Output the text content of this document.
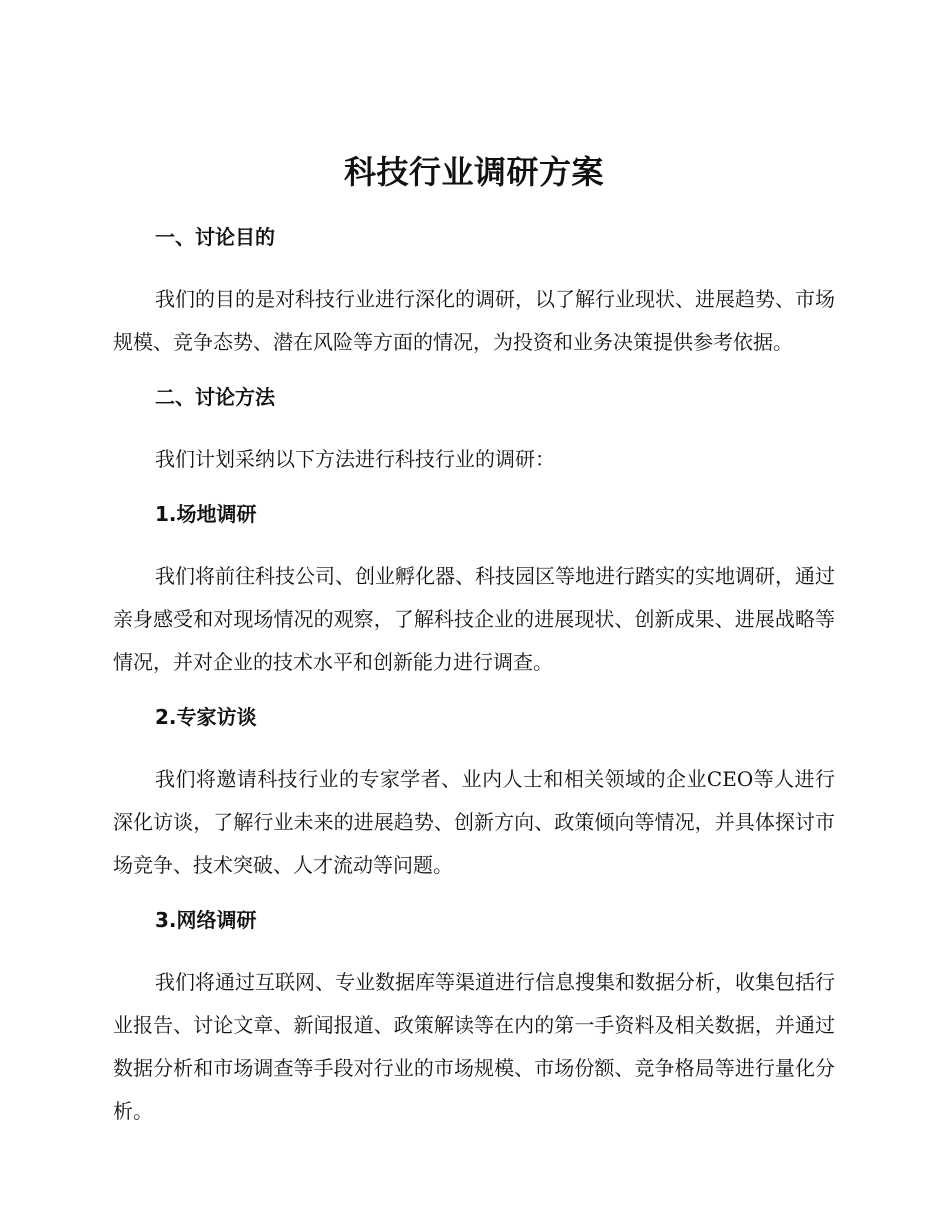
科技行业调研方案
一、讨论目的

我们的目的是对科技行业进行深化的调研，以了解行业现状、进展趋势、市场规模、竞争态势、潜在风险等方面的情况，为投资和业务决策提供参考依据。

二、讨论方法

我们计划采纳以下方法进行科技行业的调研：

1.场地调研

我们将前往科技公司、创业孵化器、科技园区等地进行踏实的实地调研，通过亲身感受和对现场情况的观察，了解科技企业的进展现状、创新成果、进展战略等情况，并对企业的技术水平和创新能力进行调查。

2.专家访谈

我们将邀请科技行业的专家学者、业内人士和相关领域的企业CEO等人进行深化访谈，了解行业未来的进展趋势、创新方向、政策倾向等情况，并具体探讨市场竞争、技术突破、人才流动等问题。

3.网络调研

我们将通过互联网、专业数据库等渠道进行信息搜集和数据分析，收集包括行业报告、讨论文章、新闻报道、政策解读等在内的第一手资料及相关数据，并通过数据分析和市场调查等手段对行业的市场规模、市场份额、竞争格局等进行量化分析。
